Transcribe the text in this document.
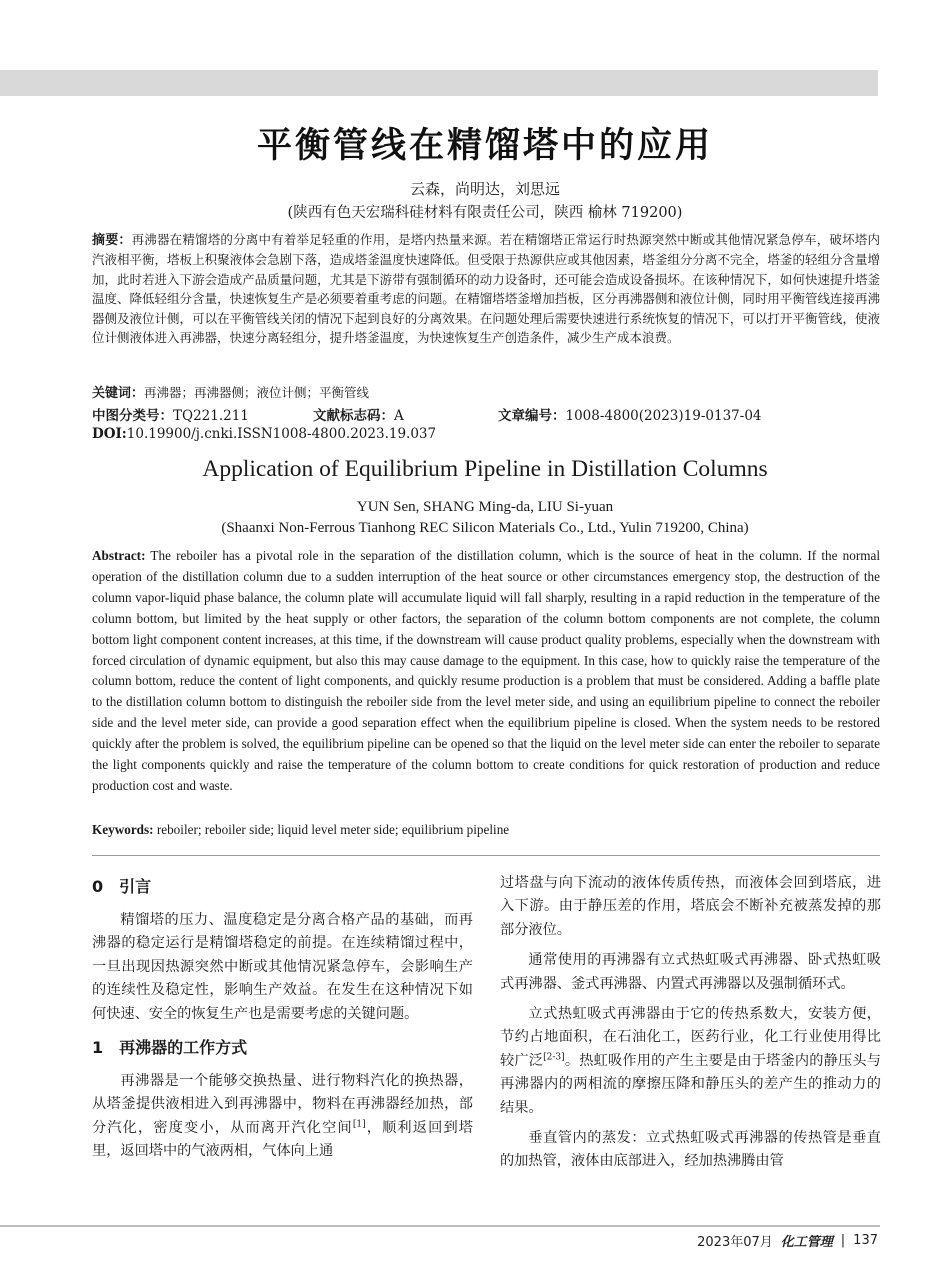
平衡管线在精馏塔中的应用
云森，尚明达，刘思远
(陕西有色天宏瑞科硅材料有限责任公司，陕西 榆林 719200)
摘要：再沸器在精馏塔的分离中有着举足轻重的作用，是塔内热量来源。若在精馏塔正常运行时热源突然中断或其他情况紧急停车，破坏塔内汽液相平衡，塔板上积聚液体会急剧下落，造成塔釜温度快速降低。但受限于热源供应或其他因素，塔釜组分分离不完全，塔釜的轻组分含量增加，此时若进入下游会造成产品质量问题，尤其是下游带有强制循环的动力设备时，还可能会造成设备损坏。在该种情况下，如何快速提升塔釜温度、降低轻组分含量，快速恢复生产是必须要着重考虑的问题。在精馏塔塔釜增加挡板，区分再沸器侧和液位计侧，同时用平衡管线连接再沸器侧及液位计侧，可以在平衡管线关闭的情况下起到良好的分离效果。在问题处理后需要快速进行系统恢复的情况下，可以打开平衡管线，使液位计侧液体进入再沸器，快速分离轻组分，提升塔釜温度，为快速恢复生产创造条件，减少生产成本浪费。
关键词：再沸器；再沸器侧；液位计侧；平衡管线
中图分类号：TQ221.211	文献标志码：A	文章编号：1008-4800(2023)19-0137-04
DOI:10.19900/j.cnki.ISSN1008-4800.2023.19.037
Application of Equilibrium Pipeline in Distillation Columns
YUN Sen, SHANG Ming-da, LIU Si-yuan
(Shaanxi Non-Ferrous Tianhong REC Silicon Materials Co., Ltd., Yulin 719200, China)
Abstract: The reboiler has a pivotal role in the separation of the distillation column, which is the source of heat in the column. If the normal operation of the distillation column due to a sudden interruption of the heat source or other circumstances emergency stop, the destruction of the column vapor-liquid phase balance, the column plate will accumulate liquid will fall sharply, resulting in a rapid reduction in the temperature of the column bottom, but limited by the heat supply or other factors, the separation of the column bottom components are not complete, the column bottom light component content increases, at this time, if the downstream will cause product quality problems, especially when the downstream with forced circulation of dynamic equipment, but also this may cause damage to the equipment. In this case, how to quickly raise the temperature of the column bottom, reduce the content of light components, and quickly resume production is a problem that must be considered. Adding a baffle plate to the distillation column bottom to distinguish the reboiler side from the level meter side, and using an equilibrium pipeline to connect the reboiler side and the level meter side, can provide a good separation effect when the equilibrium pipeline is closed. When the system needs to be restored quickly after the problem is solved, the equilibrium pipeline can be opened so that the liquid on the level meter side can enter the reboiler to separate the light components quickly and raise the temperature of the column bottom to create conditions for quick restoration of production and reduce production cost and waste.
Keywords: reboiler; reboiler side; liquid level meter side; equilibrium pipeline
0　引言

精馏塔的压力、温度稳定是分离合格产品的基础，而再沸器的稳定运行是精馏塔稳定的前提。在连续精馏过程中，一旦出现因热源突然中断或其他情况紧急停车，会影响生产的连续性及稳定性，影响生产效益。在发生在这种情况下如何快速、安全的恢复生产也是需要考虑的关键问题。

1　再沸器的工作方式

再沸器是一个能够交换热量、进行物料汽化的换热器，从塔釜提供液相进入到再沸器中，物料在再沸器经加热，部分汽化，密度变小，从而离开汽化空间[1]，顺利返回到塔里，返回塔中的气液两相，气体向上通

过塔盘与向下流动的液体传质传热，而液体会回到塔底，进入下游。由于静压差的作用，塔底会不断补充被蒸发掉的那部分液位。

通常使用的再沸器有立式热虹吸式再沸器、卧式热虹吸式再沸器、釜式再沸器、内置式再沸器以及强制循环式。

立式热虹吸式再沸器由于它的传热系数大，安装方便，节约占地面积，在石油化工，医药行业，化工行业使用得比较广泛[2-3]。热虹吸作用的产生主要是由于塔釜内的静压头与再沸器内的两相流的摩擦压降和静压头的差产生的推动力的结果。

垂直管内的蒸发：立式热虹吸式再沸器的传热管是垂直的加热管，液体由底部进入，经加热沸腾由管

2023年07月 化工管理 | 137
